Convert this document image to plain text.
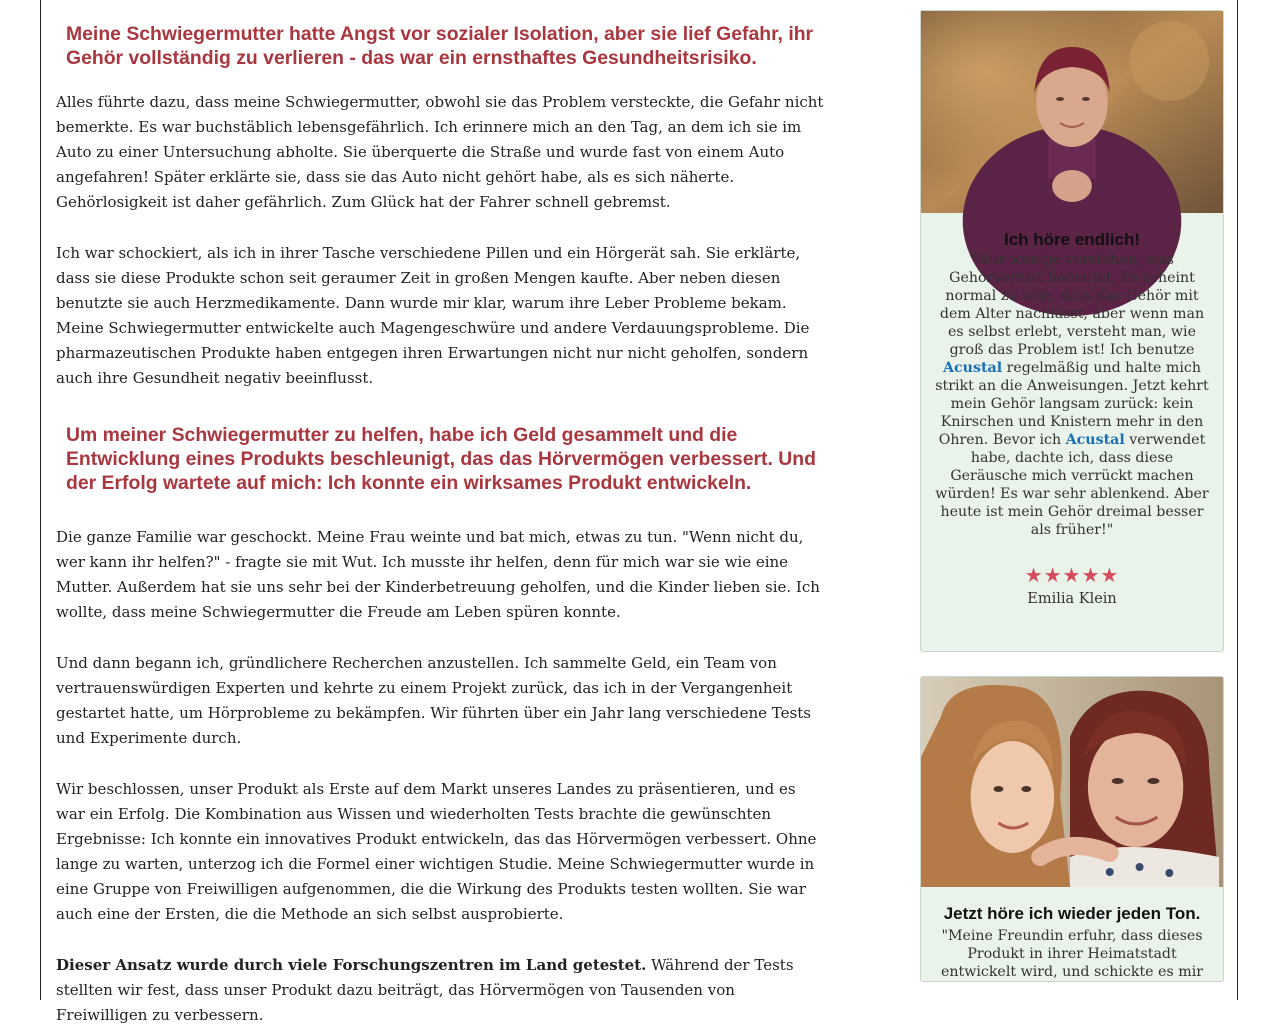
Meine Schwiegermutter hatte Angst vor sozialer Isolation, aber sie lief Gefahr, ihr Gehör vollständig zu verlieren - das war ein ernsthaftes Gesundheitsrisiko.

Alles führte dazu, dass meine Schwiegermutter, obwohl sie das Problem versteckte, die Gefahr nicht bemerkte. Es war buchstäblich lebensgefährlich. Ich erinnere mich an den Tag, an dem ich sie im Auto zu einer Untersuchung abholte. Sie überquerte die Straße und wurde fast von einem Auto angefahren! Später erklärte sie, dass sie das Auto nicht gehört habe, als es sich näherte. Gehörlosigkeit ist daher gefährlich. Zum Glück hat der Fahrer schnell gebremst.

Ich war schockiert, als ich in ihrer Tasche verschiedene Pillen und ein Hörgerät sah. Sie erklärte, dass sie diese Produkte schon seit geraumer Zeit in großen Mengen kaufte. Aber neben diesen benutzte sie auch Herzmedikamente. Dann wurde mir klar, warum ihre Leber Probleme bekam. Meine Schwiegermutter entwickelte auch Magengeschwüre und andere Verdauungsprobleme. Die pharmazeutischen Produkte haben entgegen ihren Erwartungen nicht nur nicht geholfen, sondern auch ihre Gesundheit negativ beeinflusst.

Um meiner Schwiegermutter zu helfen, habe ich Geld gesammelt und die Entwicklung eines Produkts beschleunigt, das das Hörvermögen verbessert. Und der Erfolg wartete auf mich: Ich konnte ein wirksames Produkt entwickeln.

Die ganze Familie war geschockt. Meine Frau weinte und bat mich, etwas zu tun. "Wenn nicht du, wer kann ihr helfen?" - fragte sie mit Wut. Ich musste ihr helfen, denn für mich war sie wie eine Mutter. Außerdem hat sie uns sehr bei der Kinderbetreuung geholfen, und die Kinder lieben sie. Ich wollte, dass meine Schwiegermutter die Freude am Leben spüren konnte.

Und dann begann ich, gründlichere Recherchen anzustellen. Ich sammelte Geld, ein Team von vertrauenswürdigen Experten und kehrte zu einem Projekt zurück, das ich in der Vergangenheit gestartet hatte, um Hörprobleme zu bekämpfen. Wir führten über ein Jahr lang verschiedene Tests und Experimente durch.

Wir beschlossen, unser Produkt als Erste auf dem Markt unseres Landes zu präsentieren, und es war ein Erfolg. Die Kombination aus Wissen und wiederholten Tests brachte die gewünschten Ergebnisse: Ich konnte ein innovatives Produkt entwickeln, das das Hörvermögen verbessert. Ohne lange zu warten, unterzog ich die Formel einer wichtigen Studie. Meine Schwiegermutter wurde in eine Gruppe von Freiwilligen aufgenommen, die die Wirkung des Produkts testen wollten. Sie war auch eine der Ersten, die die Methode an sich selbst ausprobierte.

Dieser Ansatz wurde durch viele Forschungszentren im Land getestet. Während der Tests stellten wir fest, dass unser Produkt dazu beiträgt, das Hörvermögen von Tausenden von Freiwilligen zu verbessern.

Ich höre endlich!
"Nur wenige verstehen, was Gehörverlust bedeutet. Es scheint normal zu sein, dass das Gehör mit dem Alter nachlässt, aber wenn man es selbst erlebt, versteht man, wie groß das Problem ist! Ich benutze Acustal regelmäßig und halte mich strikt an die Anweisungen. Jetzt kehrt mein Gehör langsam zurück: kein Knirschen und Knistern mehr in den Ohren. Bevor ich Acustal verwendet habe, dachte ich, dass diese Geräusche mich verrückt machen würden! Es war sehr ablenkend. Aber heute ist mein Gehör dreimal besser als früher!"
★★★★★
Emilia Klein
Jetzt höre ich wieder jeden Ton.
"Meine Freundin erfuhr, dass dieses Produkt in ihrer Heimatstadt entwickelt wird, und schickte es mir
